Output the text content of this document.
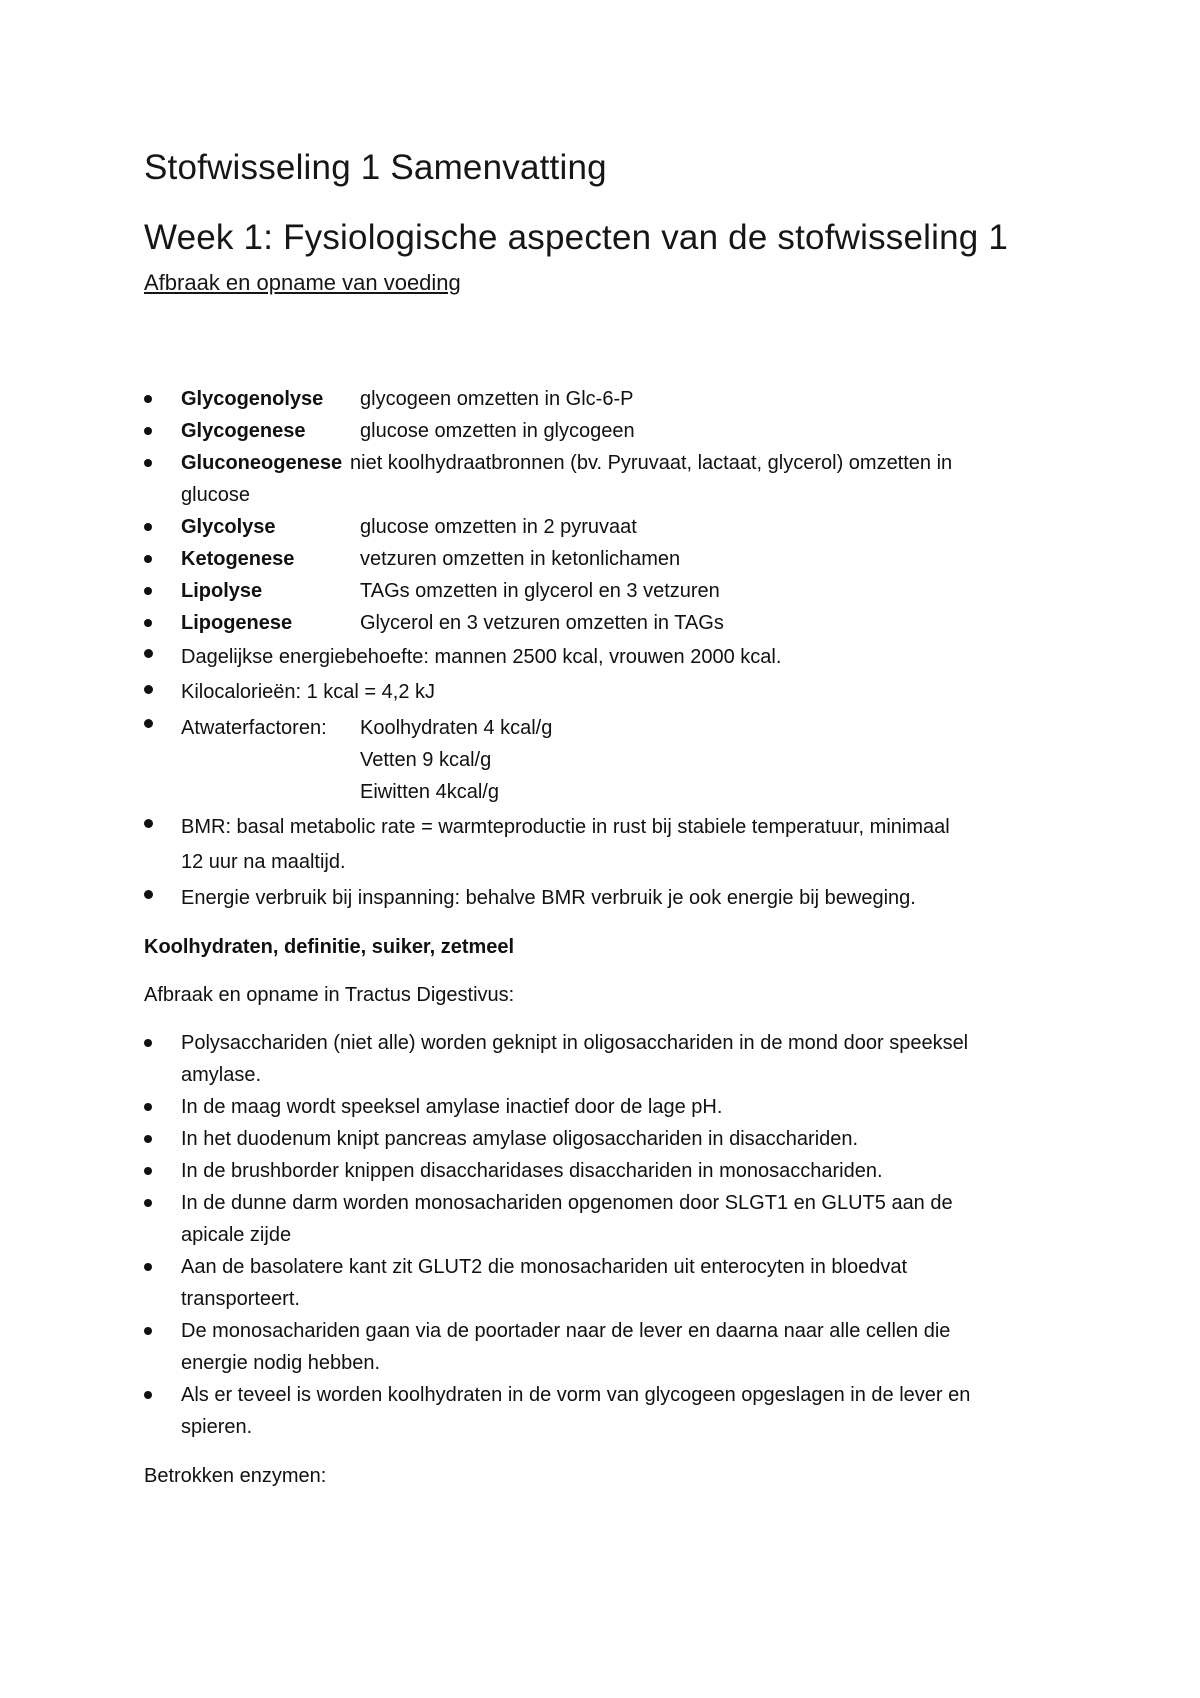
Stofwisseling 1 Samenvatting
Week 1: Fysiologische aspecten van de stofwisseling 1
Afbraak en opname van voeding
Glycogenolyse glycogeen omzetten in Glc-6-P
Glycogenese	glucose omzetten in glycogeen
Gluconeogenese niet koolhydraatbronnen (bv. Pyruvaat, lactaat, glycerol) omzetten in
glucose
Glycolyse	glucose omzetten in 2 pyruvaat
Ketogenese	vetzuren omzetten in ketonlichamen
Lipolyse	TAGs omzetten in glycerol en 3 vetzuren
Lipogenese	Glycerol en 3 vetzuren omzetten in TAGs
Dagelijkse energiebehoefte: mannen 2500 kcal, vrouwen 2000 kcal.
Kilocalorieën: 1 kcal = 4,2 kJ
Atwaterfactoren: Koolhydraten 4 kcal/g
Vetten 9 kcal/g
Eiwitten 4kcal/g
BMR: basal metabolic rate = warmteproductie in rust bij stabiele temperatuur, minimaal
12 uur na maaltijd.
Energie verbruik bij inspanning: behalve BMR verbruik je ook energie bij beweging.
Koolhydraten, definitie, suiker, zetmeel
Afbraak en opname in Tractus Digestivus:
Polysacchariden (niet alle) worden geknipt in oligosacchariden in de mond door speeksel
amylase.
In de maag wordt speeksel amylase inactief door de lage pH.
In het duodenum knipt pancreas amylase oligosacchariden in disacchariden.
In de brushborder knippen disaccharidases disacchariden in monosacchariden.
In de dunne darm worden monosachariden opgenomen door SLGT1 en GLUT5 aan de
apicale zijde
Aan de basolatere kant zit GLUT2 die monosachariden uit enterocyten in bloedvat
transporteert.
De monosachariden gaan via de poortader naar de lever en daarna naar alle cellen die
energie nodig hebben.
Als er teveel is worden koolhydraten in de vorm van glycogeen opgeslagen in de lever en
spieren.
Betrokken enzymen:
